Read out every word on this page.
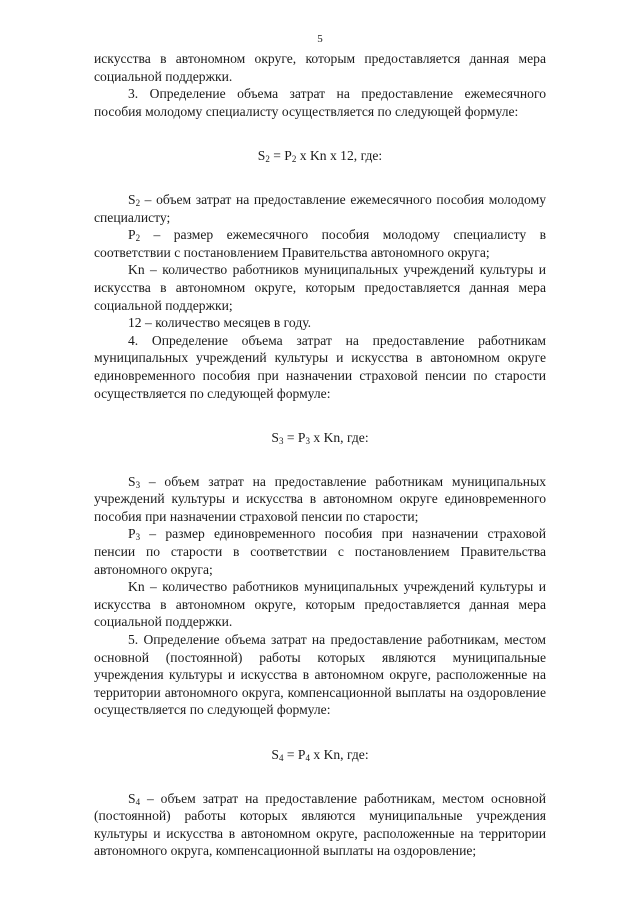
5

искусства в автономном округе, которым предоставляется данная мера социальной поддержки.

3. Определение объема затрат на предоставление ежемесячного пособия молодому специалисту осуществляется по следующей формуле:

$S_2 = P_2$ x Kn x 12, где:

$S_2$ – объем затрат на предоставление ежемесячного пособия молодому специалисту;

$P_2$ – размер ежемесячного пособия молодому специалисту в соответствии с постановлением Правительства автономного округа;

Kn – количество работников муниципальных учреждений культуры и искусства в автономном округе, которым предоставляется данная мера социальной поддержки;

12 – количество месяцев в году.

4. Определение объема затрат на предоставление работникам муниципальных учреждений культуры и искусства в автономном округе единовременного пособия при назначении страховой пенсии по старости осуществляется по следующей формуле:

$S_3 = P_3$ x Kn, где:

$S_3$ – объем затрат на предоставление работникам муниципальных учреждений культуры и искусства в автономном округе единовременного пособия при назначении страховой пенсии по старости;

$P_3$ – размер единовременного пособия при назначении страховой пенсии по старости в соответствии с постановлением Правительства автономного округа;

Kn – количество работников муниципальных учреждений культуры и искусства в автономном округе, которым предоставляется данная мера социальной поддержки.

5. Определение объема затрат на предоставление работникам, местом основной (постоянной) работы которых являются муниципальные учреждения культуры и искусства в автономном округе, расположенные на территории автономного округа, компенсационной выплаты на оздоровление осуществляется по следующей формуле:

$S_4 = P_4$ x Kn, где:

$S_4$ – объем затрат на предоставление работникам, местом основной (постоянной) работы которых являются муниципальные учреждения культуры и искусства в автономном округе, расположенные на территории автономного округа, компенсационной выплаты на оздоровление;
